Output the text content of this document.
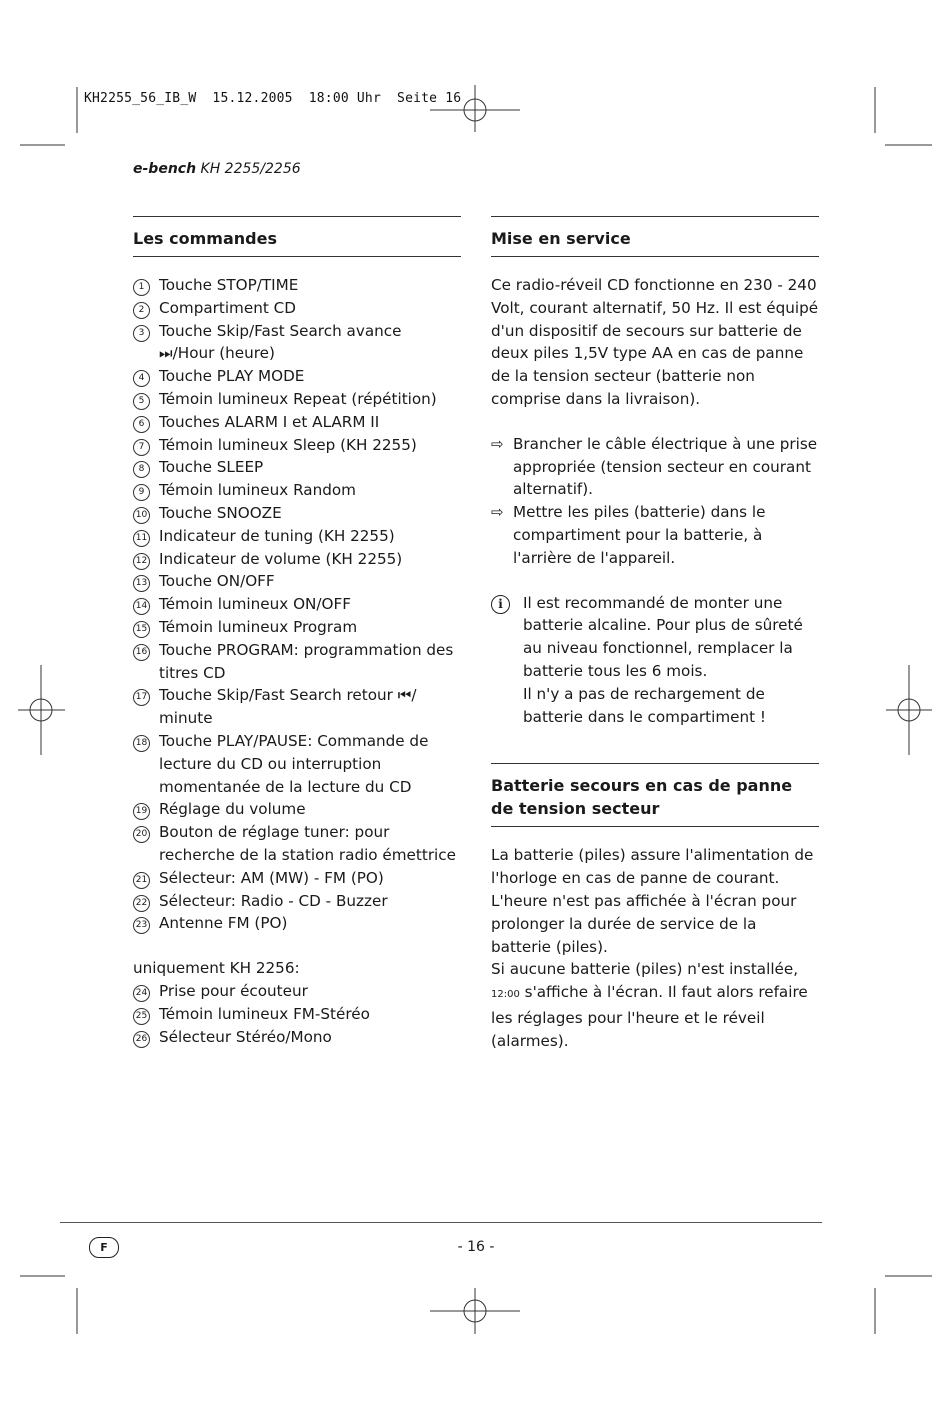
KH2255_56_IB_W  15.12.2005  18:00 Uhr  Seite 16
e-bench KH 2255/2256
Les commandes
1 Touche STOP/TIME
2 Compartiment CD
3 Touche Skip/Fast Search avance ⏭/Hour (heure)
4 Touche PLAY MODE
5 Témoin lumineux Repeat (répétition)
6 Touches ALARM I et ALARM II
7 Témoin lumineux Sleep (KH 2255)
8 Touche SLEEP
9 Témoin lumineux Random
10 Touche SNOOZE
11 Indicateur de tuning (KH 2255)
12 Indicateur de volume (KH 2255)
13 Touche ON/OFF
14 Témoin lumineux ON/OFF
15 Témoin lumineux Program
16 Touche PROGRAM: programmation des titres CD
17 Touche Skip/Fast Search retour ⏮/ minute
18 Touche PLAY/PAUSE: Commande de lecture du CD ou interruption momentanée de la lecture du CD
19 Réglage du volume
20 Bouton de réglage tuner: pour recherche de la station radio émettrice
21 Sélecteur: AM (MW) - FM (PO)
22 Sélecteur: Radio - CD - Buzzer
23 Antenne FM (PO)
uniquement KH 2256:
24 Prise pour écouteur
25 Témoin lumineux FM-Stéréo
26 Sélecteur Stéréo/Mono
Mise en service
Ce radio-réveil CD fonctionne en 230 - 240 Volt, courant alternatif, 50 Hz. Il est équipé d'un dispositif de secours sur batterie de deux piles 1,5V type AA en cas de panne de la tension secteur (batterie non comprise dans la livraison).
⇨ Brancher le câble électrique à une prise appropriée (tension secteur en courant alternatif).
⇨ Mettre les piles (batterie) dans le compartiment pour la batterie, à l'arrière de l'appareil.
i	Il est recommandé de monter une batterie alcaline. Pour plus de sûreté au niveau fonctionnel, remplacer la batterie tous les 6 mois.
Il n'y a pas de rechargement de batterie dans le compartiment !
Batterie secours en cas de panne de tension secteur
La batterie (piles) assure l'alimentation de l'horloge en cas de panne de courant. L'heure n'est pas affichée à l'écran pour prolonger la durée de service de la batterie (piles).
Si aucune batterie (piles) n'est installée,
12:00 s'affiche à l'écran. Il faut alors refaire les réglages pour l'heure et le réveil (alarmes).
F	- 16 -
